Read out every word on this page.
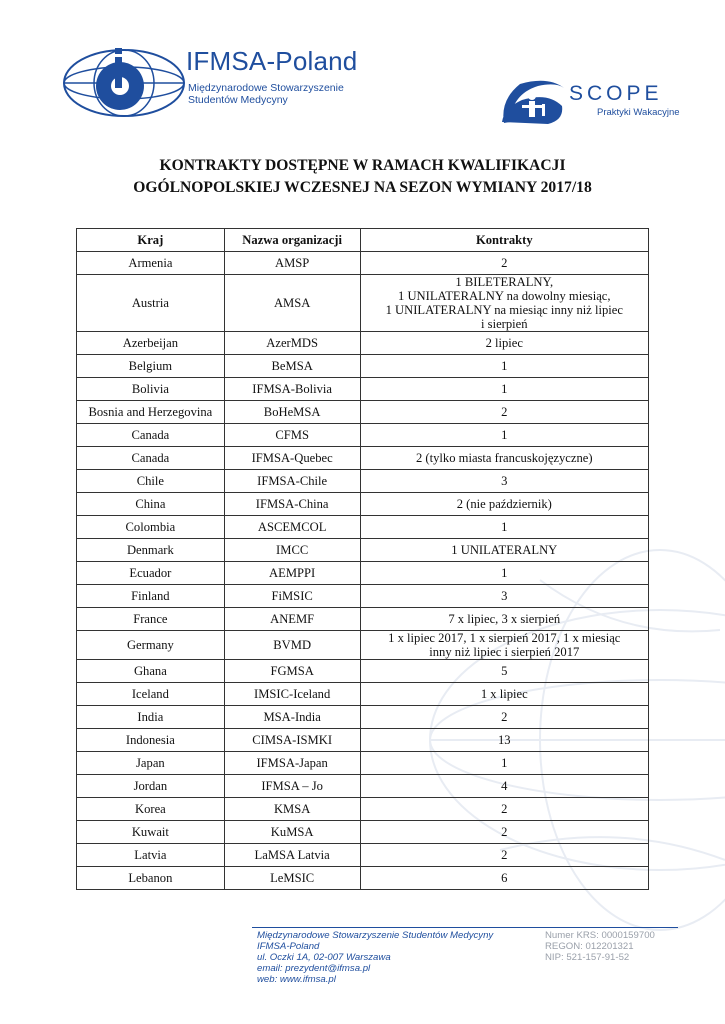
IFMSA-Poland
Międzynarodowe Stowarzyszenie
Studentów Medycyny	SCOPE
Praktyki Wakacyjne
KONTRAKTY DOSTĘPNE W RAMACH KWALIFIKACJI
OGÓLNOPOLSKIEJ WCZESNEJ NA SEZON WYMIANY 2017/18
Kraj	Nazwa organizacji	Kontrakty
Armenia	AMSP	2

Austria	AMSA	1 BILETERALNY,
1 UNILATERALNY na dowolny miesiąc,
1 UNILATERALNY na miesiąc inny niż lipiec
i sierpień

Azerbeijan	AzerMDS	2 lipiec

Belgium	BeMSA	1

Bolivia	IFMSA-Bolivia	1

Bosnia and Herzegovina	BoHeMSA	2

Canada	CFMS	1

Canada	IFMSA-Quebec	2 (tylko miasta francuskojęzyczne)

Chile	IFMSA-Chile	3

China	IFMSA-China	2 (nie październik)

Colombia	ASCEMCOL	1

Denmark	IMCC	1 UNILATERALNY

Ecuador	AEMPPI	1

Finland	FiMSIC	3

France	ANEMF	7 x lipiec, 3 x sierpień

Germany	BVMD	1 x lipiec 2017, 1 x sierpień 2017, 1 x miesiąc
inny niż lipiec i sierpień 2017

Ghana	FGMSA	5

Iceland	IMSIC-Iceland	1 x lipiec

India	MSA-India	2

Indonesia	CIMSA-ISMKI	13

Japan	IFMSA-Japan	1

Jordan	IFMSA – Jo	4

Korea	KMSA	2

Kuwait	KuMSA	2

Latvia	LaMSA Latvia	2

Lebanon	LeMSIC	6
Międzynarodowe Stowarzyszenie Studentów Medycyny
IFMSA-Poland
ul. Oczki 1A, 02-007 Warszawa
email: prezydent@ifmsa.pl
web: www.ifmsa.pl
Numer KRS: 0000159700
REGON: 012201321
NIP: 521-157-91-52
